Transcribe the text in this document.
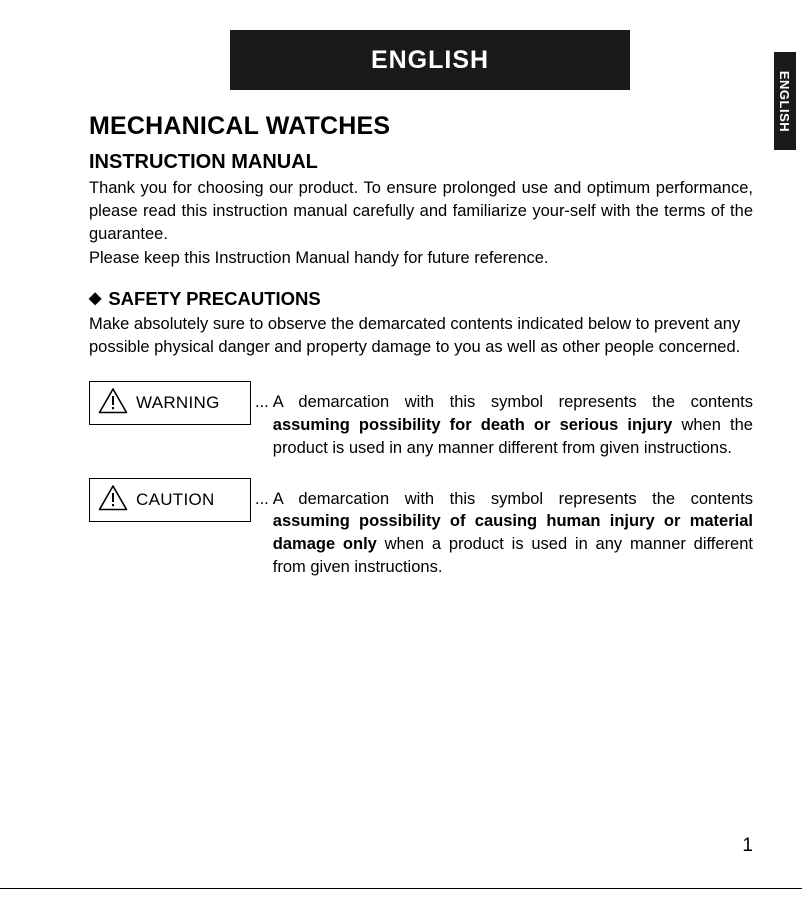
ENGLISH
ENGLISH
MECHANICAL WATCHES
INSTRUCTION MANUAL

Thank you for choosing our product. To ensure prolonged use and optimum performance, please read this instruction manual carefully and familiarize your-self with the terms of the guarantee.

Please keep this Instruction Manual handy for future reference.

◆ SAFETY PRECAUTIONS

Make absolutely sure to observe the demarcated contents indicated below to prevent any possible physical danger and property damage to you as well as other people concerned.

WARNING ... A demarcation with this symbol represents the contents assuming possibility for death or serious injury when the product is used in any manner different from given instructions.
CAUTION ... A demarcation with this symbol represents the contents assuming possibility of causing human injury or material damage only when a product is used in any manner different from given instructions.
1
